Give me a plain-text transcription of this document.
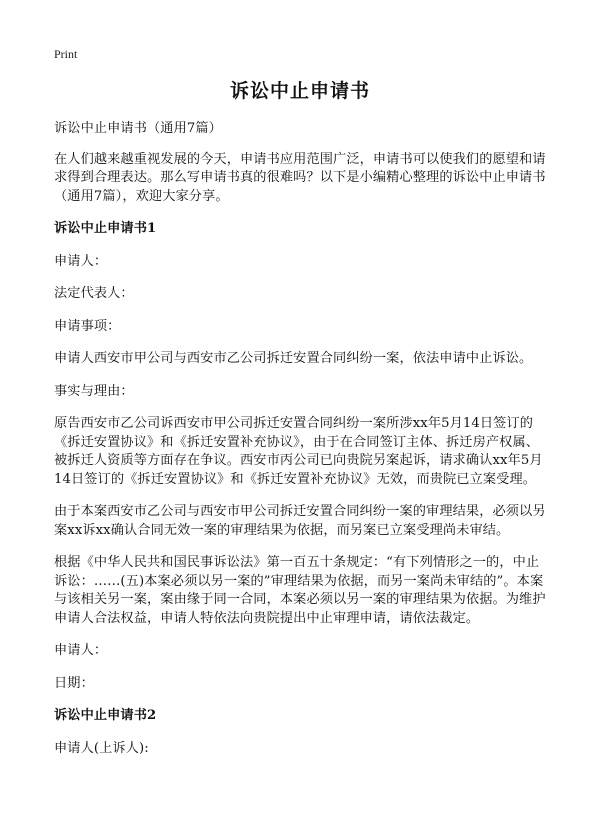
Print
诉讼中止申请书

诉讼中止申请书（通用7篇）

在人们越来越重视发展的今天，申请书应用范围广泛，申请书可以使我们的愿望和请求得到合理表达。那么写申请书真的很难吗？以下是小编精心整理的诉讼中止申请书（通用7篇），欢迎大家分享。

诉讼中止申请书1

申请人：

法定代表人：

申请事项：

申请人西安市甲公司与西安市乙公司拆迁安置合同纠纷一案，依法申请中止诉讼。

事实与理由：

原告西安市乙公司诉西安市甲公司拆迁安置合同纠纷一案所涉xx年5月14日签订的《拆迁安置协议》和《拆迁安置补充协议》，由于在合同签订主体、拆迁房产权属、被拆迁人资质等方面存在争议。西安市丙公司已向贵院另案起诉，请求确认xx年5月14日签订的《拆迁安置协议》和《拆迁安置补充协议》无效，而贵院已立案受理。

由于本案西安市乙公司与西安市甲公司拆迁安置合同纠纷一案的审理结果，必须以另案xx诉xx确认合同无效一案的审理结果为依据，而另案已立案受理尚未审结。

根据《中华人民共和国民事诉讼法》第一百五十条规定：“有下列情形之一的，中止诉讼：……(五)本案必须以另一案的”审理结果为依据，而另一案尚未审结的”。本案与该相关另一案，案由缘于同一合同，本案必须以另一案的审理结果为依据。为维护申请人合法权益，申请人特依法向贵院提出中止审理申请，请依法裁定。

申请人：

日期：

诉讼中止申请书2

申请人(上诉人):
